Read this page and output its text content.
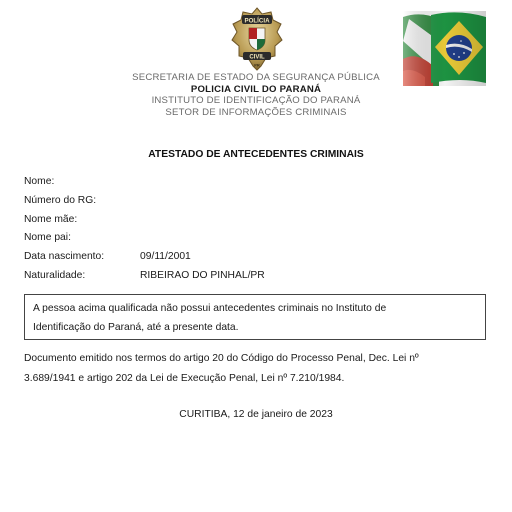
POLÍCIA
CIVIL
PR
SECRETARIA DE ESTADO DA SEGURANÇA PÚBLICA
POLICIA CIVIL DO PARANÁ
INSTITUTO DE IDENTIFICAÇÃO DO PARANÁ
SETOR DE INFORMAÇÕES CRIMINAIS
ATESTADO DE ANTECEDENTES CRIMINAIS
Nome:
Número do RG:
Nome mãe:
Nome pai:
Data nascimento:	09/11/2001
Naturalidade:	RIBEIRAO DO PINHAL/PR
A pessoa acima qualificada não possui antecedentes criminais no Instituto de
Identificação do Paraná, até a presente data.
Documento emitido nos termos do artigo 20 do Código do Processo Penal, Dec. Lei nº
3.689/1941 e artigo 202 da Lei de Execução Penal, Lei nº 7.210/1984.
CURITIBA, 12 de janeiro de 2023
